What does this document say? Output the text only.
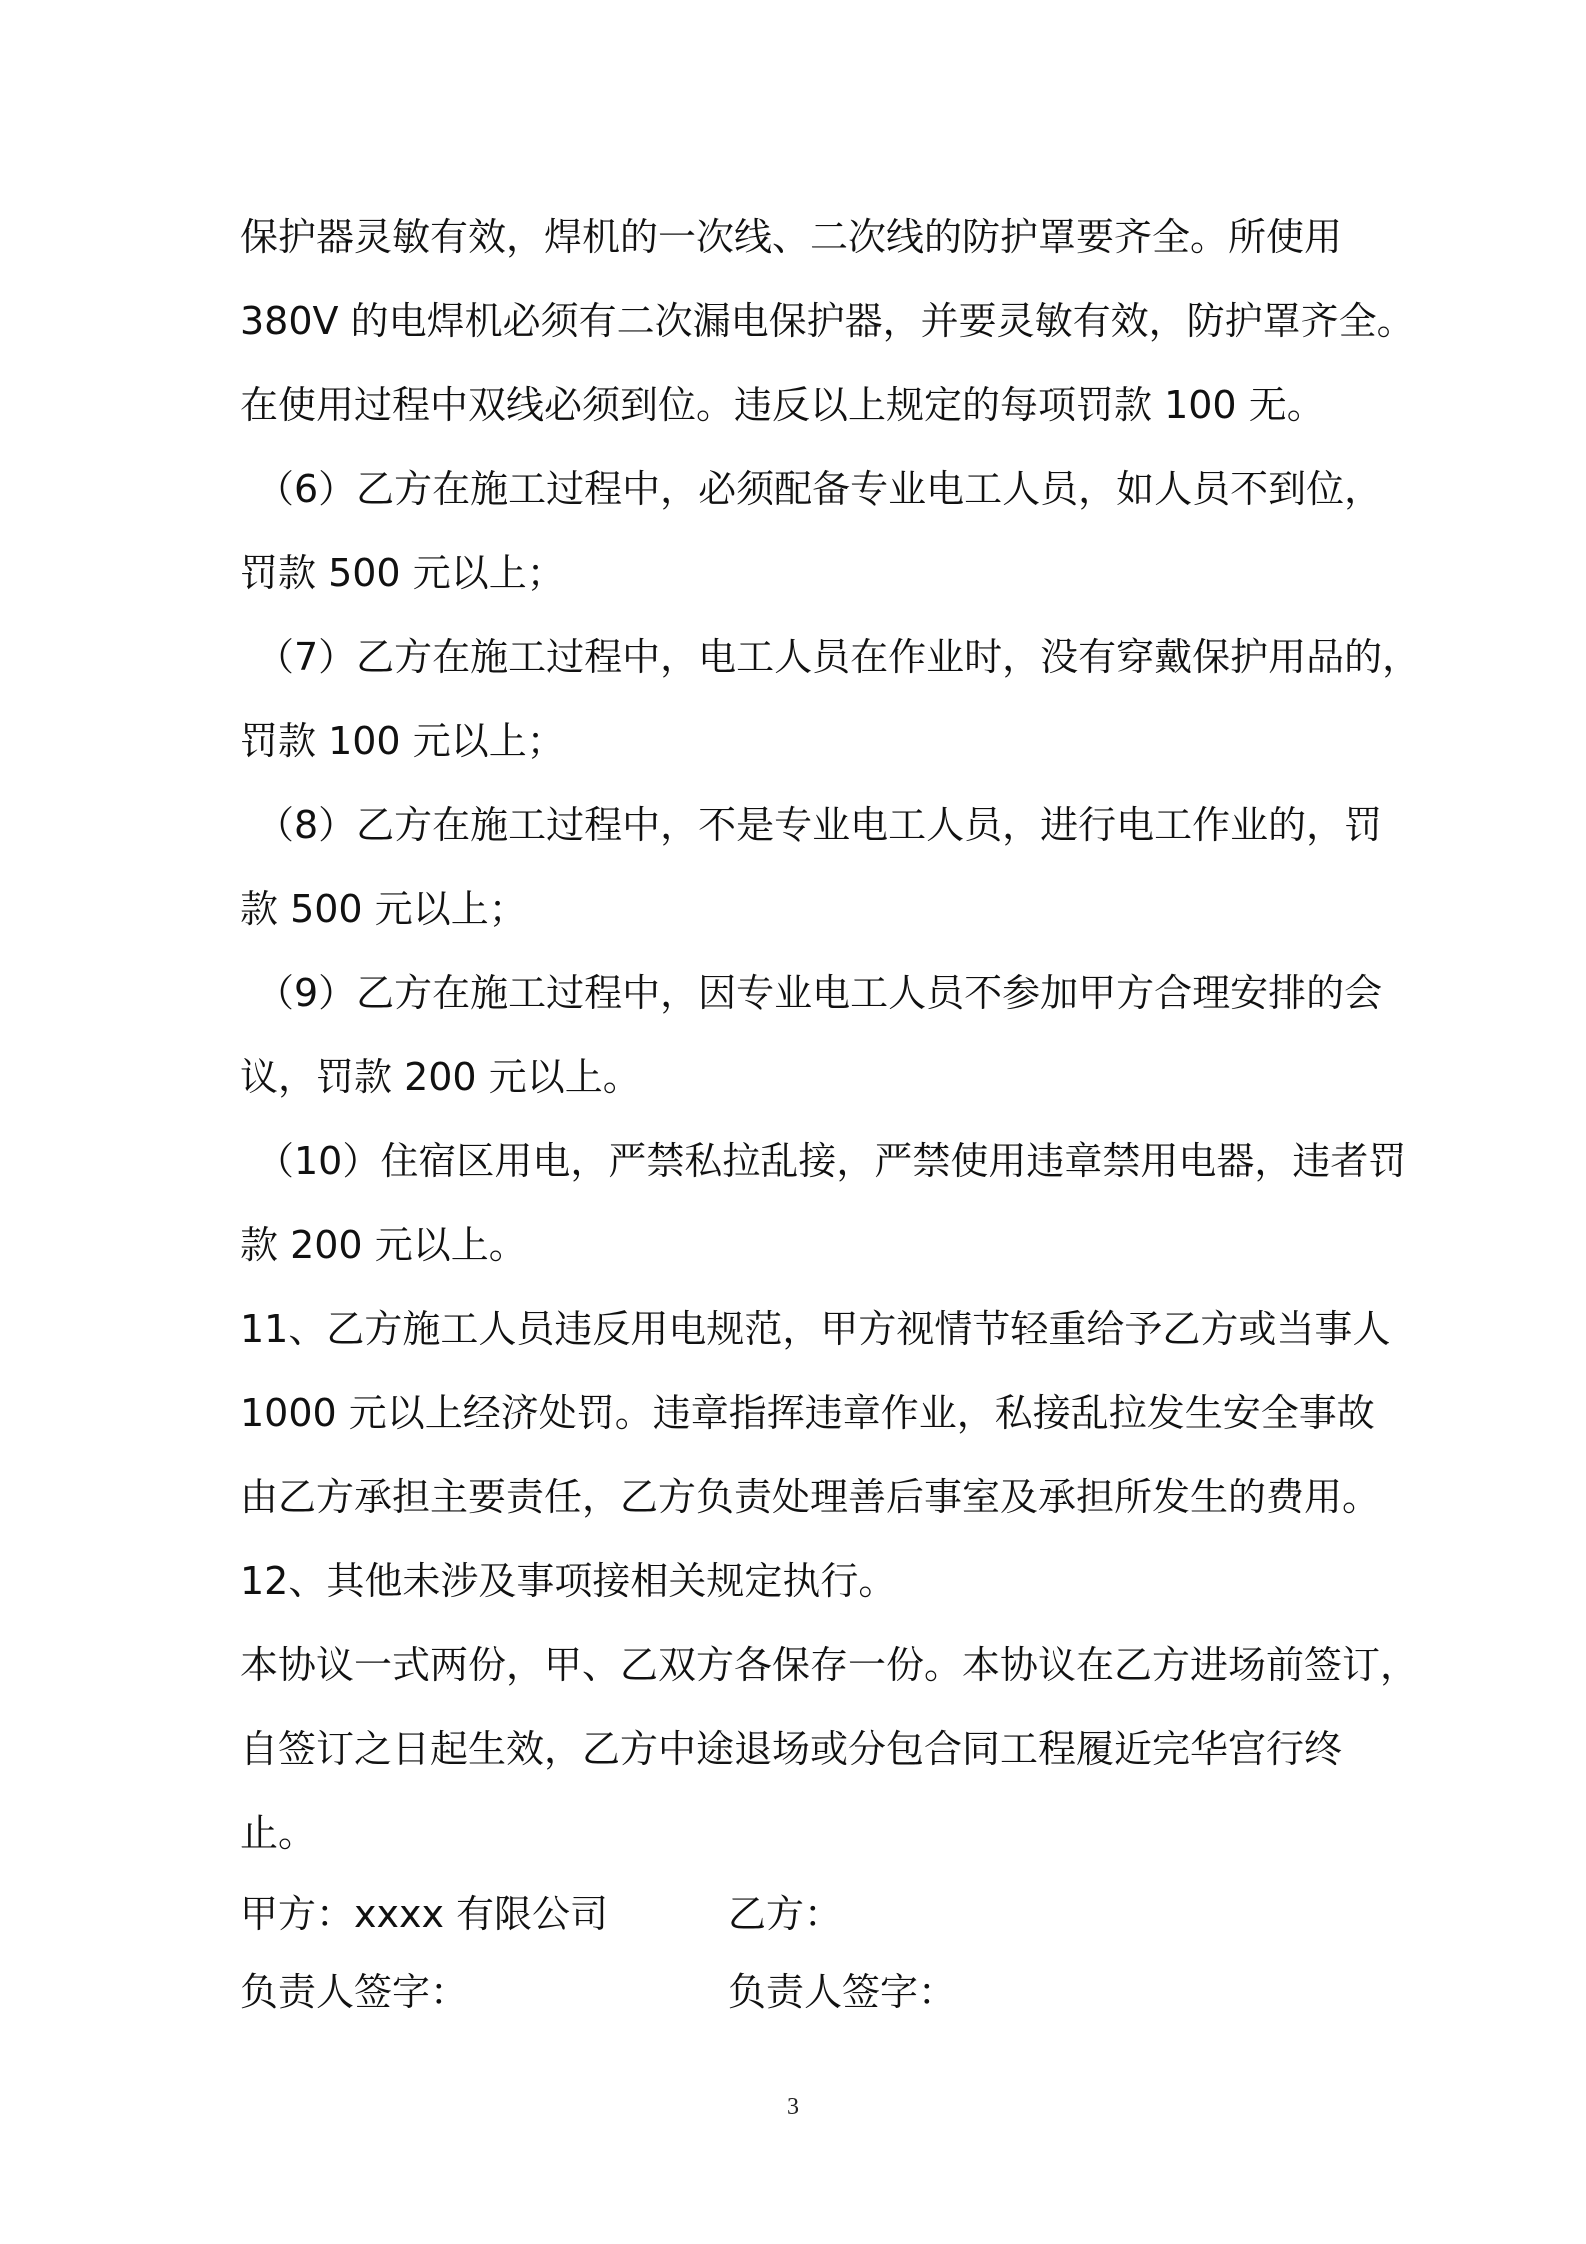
保护器灵敏有效，焊机的一次线、二次线的防护罩要齐全。所使用
380V 的电焊机必须有二次漏电保护器，并要灵敏有效，防护罩齐全。
在使用过程中双线必须到位。违反以上规定的每项罚款 100 无。
（6）乙方在施工过程中，必须配备专业电工人员，如人员不到位，
罚款 500 元以上；
（7）乙方在施工过程中，电工人员在作业时，没有穿戴保护用品的，
罚款 100 元以上；
（8）乙方在施工过程中，不是专业电工人员，进行电工作业的，罚
款 500 元以上；
（9）乙方在施工过程中，因专业电工人员不参加甲方合理安排的会
议，罚款 200 元以上。
（10）住宿区用电，严禁私拉乱接，严禁使用违章禁用电器，违者罚
款 200 元以上。
11、乙方施工人员违反用电规范，甲方视情节轻重给予乙方或当事人
1000 元以上经济处罚。违章指挥违章作业，私接乱拉发生安全事故
由乙方承担主要责任，乙方负责处理善后事室及承担所发生的费用。
12、其他未涉及事项接相关规定执行。
本协议一式两份，甲、乙双方各保存一份。本协议在乙方进场前签订，
自签订之日起生效，乙方中途退场或分包合同工程履近完华宫行终
止。
甲方：xxxx 有限公司	乙方：
负责人签字：	负责人签字：
3
